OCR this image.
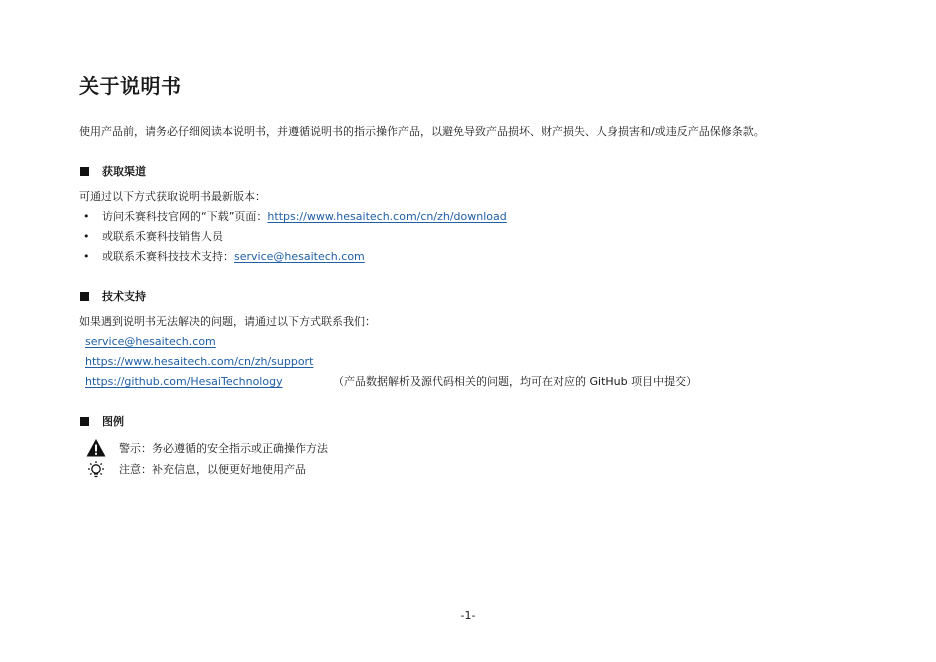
关于说明书
使用产品前，请务必仔细阅读本说明书，并遵循说明书的指示操作产品，以避免导致产品损坏、财产损失、人身损害和/或违反产品保修条款。
获取渠道
可通过以下方式获取说明书最新版本：
• 访问禾赛科技官网的“下载”页面：https://www.hesaitech.com/cn/zh/download
• 或联系禾赛科技销售人员
• 或联系禾赛科技技术支持：service@hesaitech.com
技术支持
如果遇到说明书无法解决的问题，请通过以下方式联系我们：
service@hesaitech.com
https://www.hesaitech.com/cn/zh/support
https://github.com/HesaiTechnology	（产品数据解析及源代码相关的问题，均可在对应的 GitHub 项目中提交）
图例
警示：务必遵循的安全指示或正确操作方法
注意：补充信息，以便更好地使用产品
-1-
